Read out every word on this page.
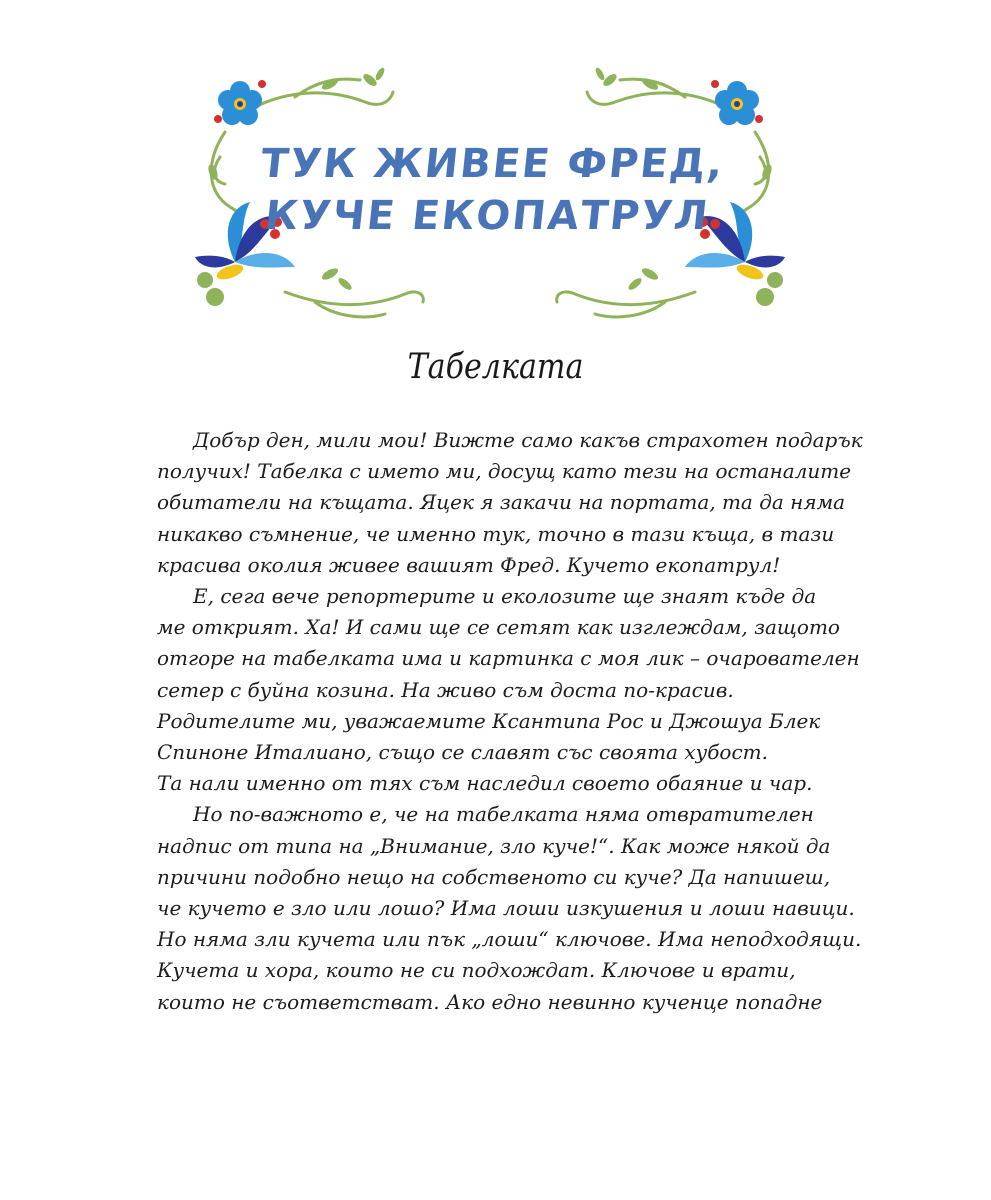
ТУК ЖИВЕЕ ФРЕД,
КУЧЕ ЕКОПАТРУЛ
Табелката
Добър ден, мили мои! Вижте само какъв страхотен подарък
получих! Табелка с името ми, досущ като тези на останалите
обитатели на къщата. Яцек я закачи на портата, та да няма
никакво съмнение, че именно тук, точно в тази къща, в тази
красива околия живее вашият Фред. Кучето екопатрул!
Е, сега вече репортерите и еколозите ще знаят къде да
ме открият. Ха! И сами ще се сетят как изглеждам, защото
отгоре на табелката има и картинка с моя лик – очарователен
сетер с буйна козина. На живо съм доста по-красив.
Родителите ми, уважаемите Ксантипа Рос и Джошуа Блек
Спиноне Италиано, също се славят със своята хубост.
Та нали именно от тях съм наследил своето обаяние и чар.
Но по-важното е, че на табелката няма отвратителен
надпис от типа на „Внимание, зло куче!“. Как може някой да
причини подобно нещо на собственото си куче? Да напишеш,
че кучето е зло или лошо? Има лоши изкушения и лоши навици.
Но няма зли кучета или пък „лоши“ ключове. Има неподходящи.
Кучета и хора, които не си подхождат. Ключове и врати,
които не съответстват. Ако едно невинно кученце попадне
